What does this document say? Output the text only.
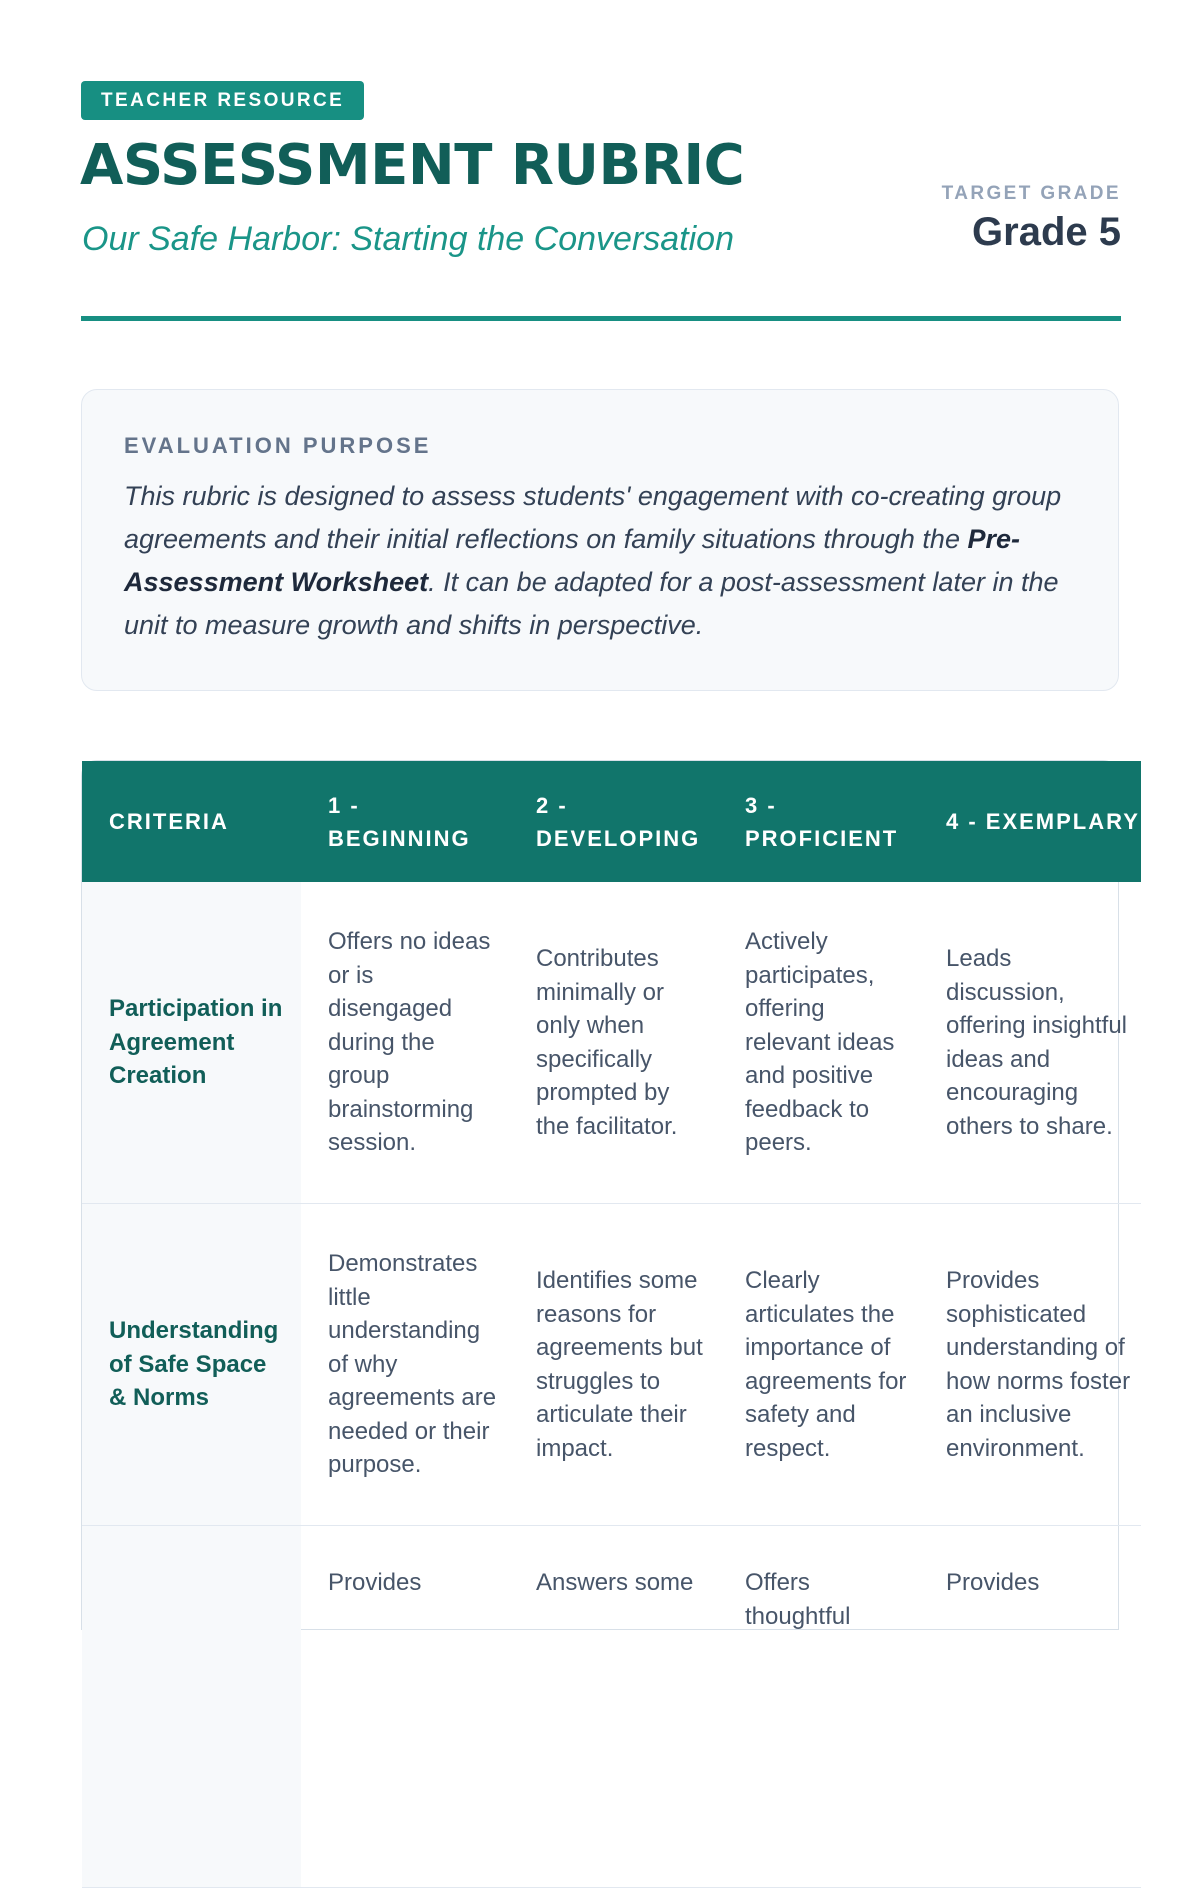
TEACHER RESOURCE
ASSESSMENT RUBRIC
Our Safe Harbor: Starting the Conversation
TARGET GRADE
Grade 5
EVALUATION PURPOSE
This rubric is designed to assess students' engagement with co-creating group agreements and their initial reflections on family situations through the Pre-Assessment Worksheet. It can be adapted for a post-assessment later in the unit to measure growth and shifts in perspective.
CRITERIA	1 - BEGINNING	2 - DEVELOPING	3 - PROFICIENT	4 - EXEMPLARY
Participation in Agreement Creation	Offers no ideas or is disengaged during the group brainstorming session.	Contributes minimally or only when specifically prompted by the facilitator.	Actively participates, offering relevant ideas and positive feedback to peers.	Leads discussion, offering insightful ideas and encouraging others to share.
Understanding of Safe Space & Norms	Demonstrates little understanding of why agreements are needed or their purpose.	Identifies some reasons for agreements but struggles to articulate their impact.	Clearly articulates the importance of agreements for safety and respect.	Provides sophisticated understanding of how norms foster an inclusive environment.
	Provides	Answers some	Offers thoughtful	Provides
